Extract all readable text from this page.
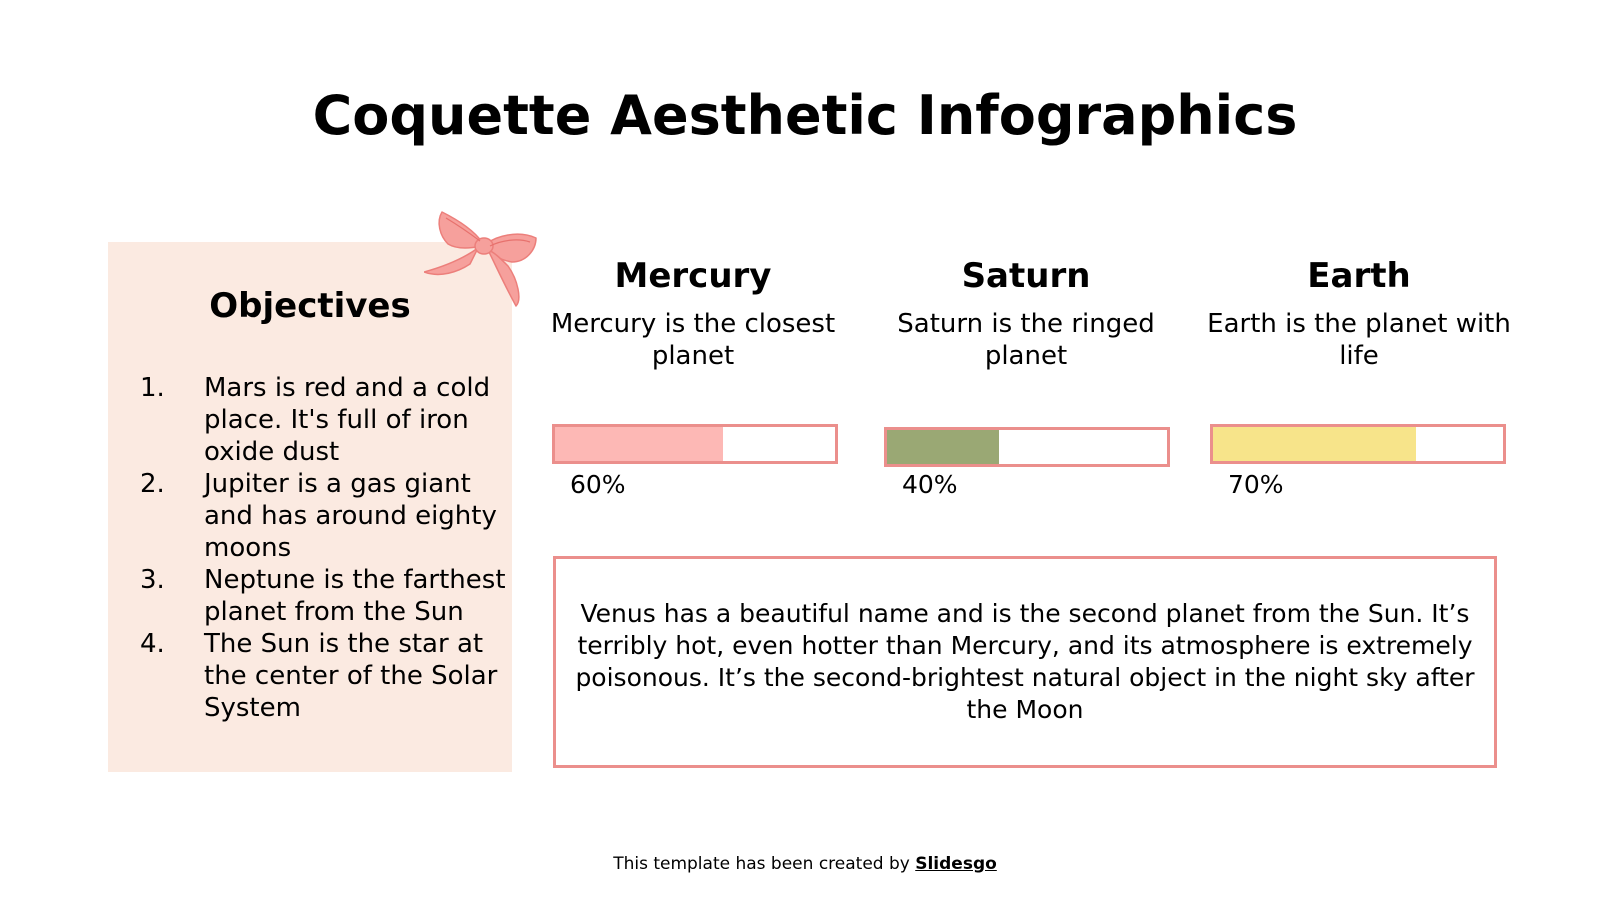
Coquette Aesthetic Infographics
Objectives
1.	Mars is red and a cold place. It's full of iron oxide dust
2.	Jupiter is a gas giant and has around eighty moons
3.	Neptune is the farthest planet from the Sun
4.	The Sun is the star at the center of the Solar System
Mercury
Mercury is the closest planet
Saturn
Saturn is the ringed planet
Earth
Earth is the planet with life
60%	40%	70%
Venus has a beautiful name and is the second planet from the Sun. It’s terribly hot, even hotter than Mercury, and its atmosphere is extremely poisonous. It’s the second-brightest natural object in the night sky after the Moon
This template has been created by Slidesgo
